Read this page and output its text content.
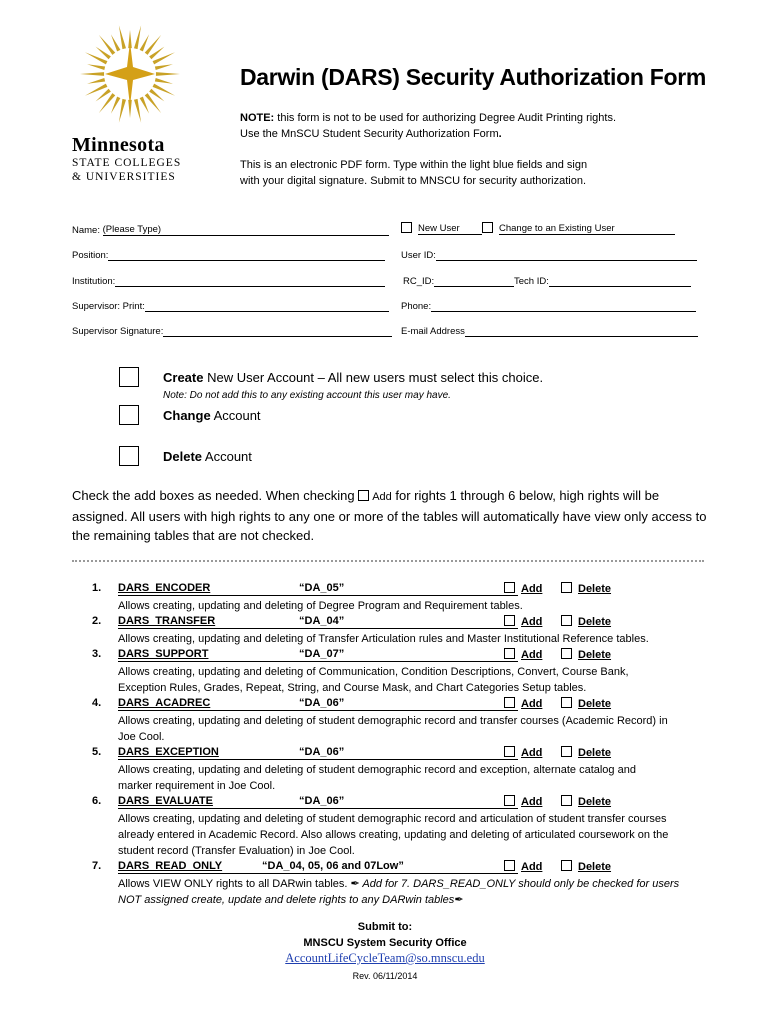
Minnesota
STATE COLLEGES
& UNIVERSITIES
Darwin (DARS) Security Authorization Form
NOTE: this form is not to be used for authorizing Degree Audit Printing rights.
Use the MnSCU Student Security Authorization Form.
This is an electronic PDF form. Type within the light blue fields and sign
with your digital signature. Submit to MNSCU for security authorization.
Name: (Please Type)	New User	Change to an Existing User
Position:	User ID:
Institution:	RC_ID:	Tech ID:
Supervisor: Print:	Phone:
Supervisor Signature:	E-mail Address
Create New User Account – All new users must select this choice.
Note: Do not add this to any existing account this user may have.
Change Account
Delete Account
Check the add boxes as needed. When checking Add for rights 1 through 6 below, high rights will be assigned. All users with high rights to any one or more of the tables will automatically have view only access to the remaining tables that are not checked.
1. DARS_ENCODER	“DA_05”	Add	Delete
Allows creating, updating and deleting of Degree Program and Requirement tables.
2. DARS_TRANSFER	“DA_04”	Add	Delete
Allows creating, updating and deleting of Transfer Articulation rules and Master Institutional Reference tables.
3. DARS_SUPPORT	“DA_07”	Add	Delete
Allows creating, updating and deleting of Communication, Condition Descriptions, Convert, Course Bank,
Exception Rules, Grades, Repeat, String, and Course Mask, and Chart Categories Setup tables.
4. DARS_ACADREC	“DA_06”	Add	Delete
Allows creating, updating and deleting of student demographic record and transfer courses (Academic Record) in
Joe Cool.
5. DARS_EXCEPTION	“DA_06”	Add	Delete
Allows creating, updating and deleting of student demographic record and exception, alternate catalog and
marker requirement in Joe Cool.
6. DARS_EVALUATE	“DA_06”	Add	Delete
Allows creating, updating and deleting of student demographic record and articulation of student transfer courses
already entered in Academic Record. Also allows creating, updating and deleting of articulated coursework on the
student record (Transfer Evaluation) in Joe Cool.
7. DARS_READ_ONLY	“DA_04, 05, 06 and 07Low”	Add	Delete
Allows VIEW ONLY rights to all DARwin tables. ✒︎ Add for 7. DARS_READ_ONLY should only be checked for users
NOT assigned create, update and delete rights to any DARwin tables✒︎
Submit to:
MNSCU System Security Office
AccountLifeCycleTeam@so.mnscu.edu
Rev. 06/11/2014
